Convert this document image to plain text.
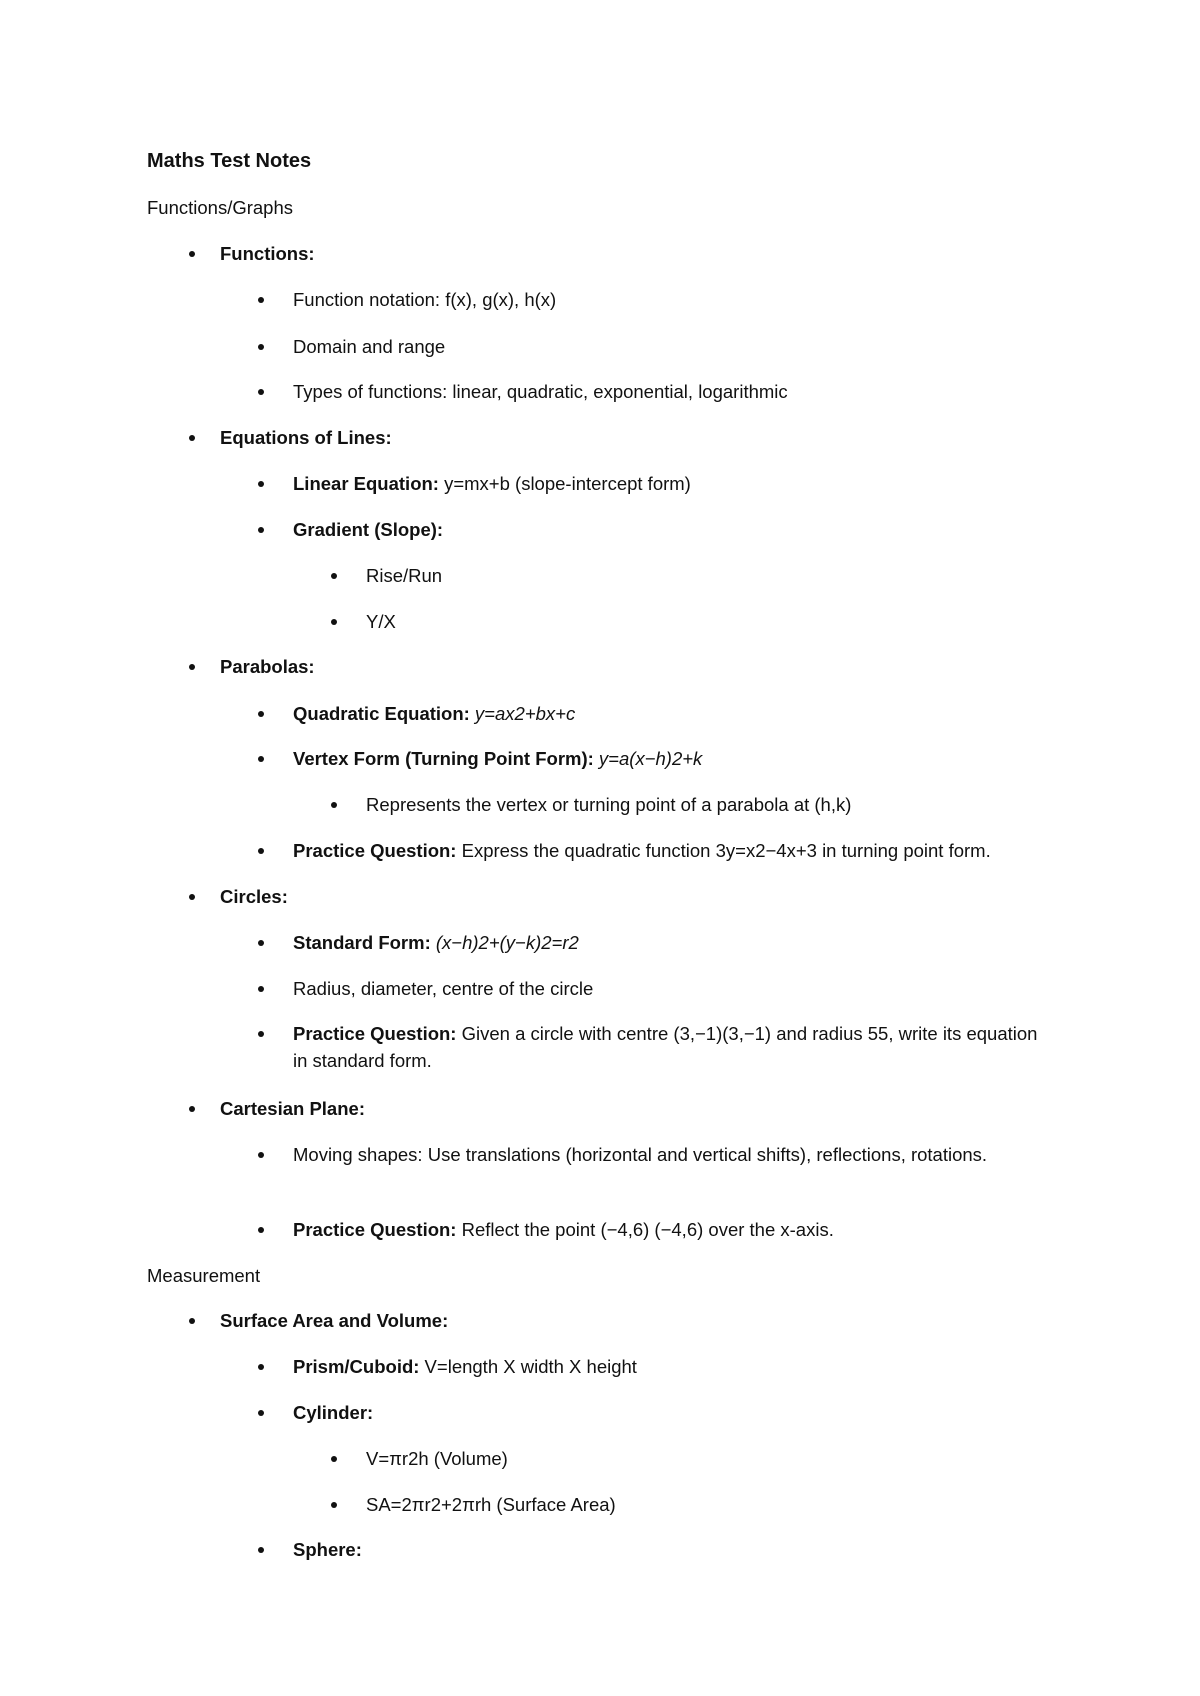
Maths Test Notes
Functions/Graphs
Functions:
Function notation: f(x), g(x), h(x)
Domain and range
Types of functions: linear, quadratic, exponential, logarithmic
Equations of Lines:
Linear Equation: y=mx+b (slope-intercept form)
Gradient (Slope):
Rise/Run
Y/X
Parabolas:
Quadratic Equation: y=ax2+bx+c
Vertex Form (Turning Point Form): y=a(x−h)2+k
Represents the vertex or turning point of a parabola at (h,k)
Practice Question: Express the quadratic function 3y=x2−4x+3 in turning point form.
Circles:
Standard Form: (x−h)2+(y−k)2=r2
Radius, diameter, centre of the circle
Practice Question: Given a circle with centre (3,−1)(3,−1) and radius 55, write its equation in standard form.
Cartesian Plane:
Moving shapes: Use translations (horizontal and vertical shifts), reflections, rotations.
Practice Question: Reflect the point (−4,6) (−4,6) over the x-axis.
Measurement
Surface Area and Volume:
Prism/Cuboid: V=length X width X height
Cylinder:
V=πr2h (Volume)
SA=2πr2+2πrh (Surface Area)
Sphere:
